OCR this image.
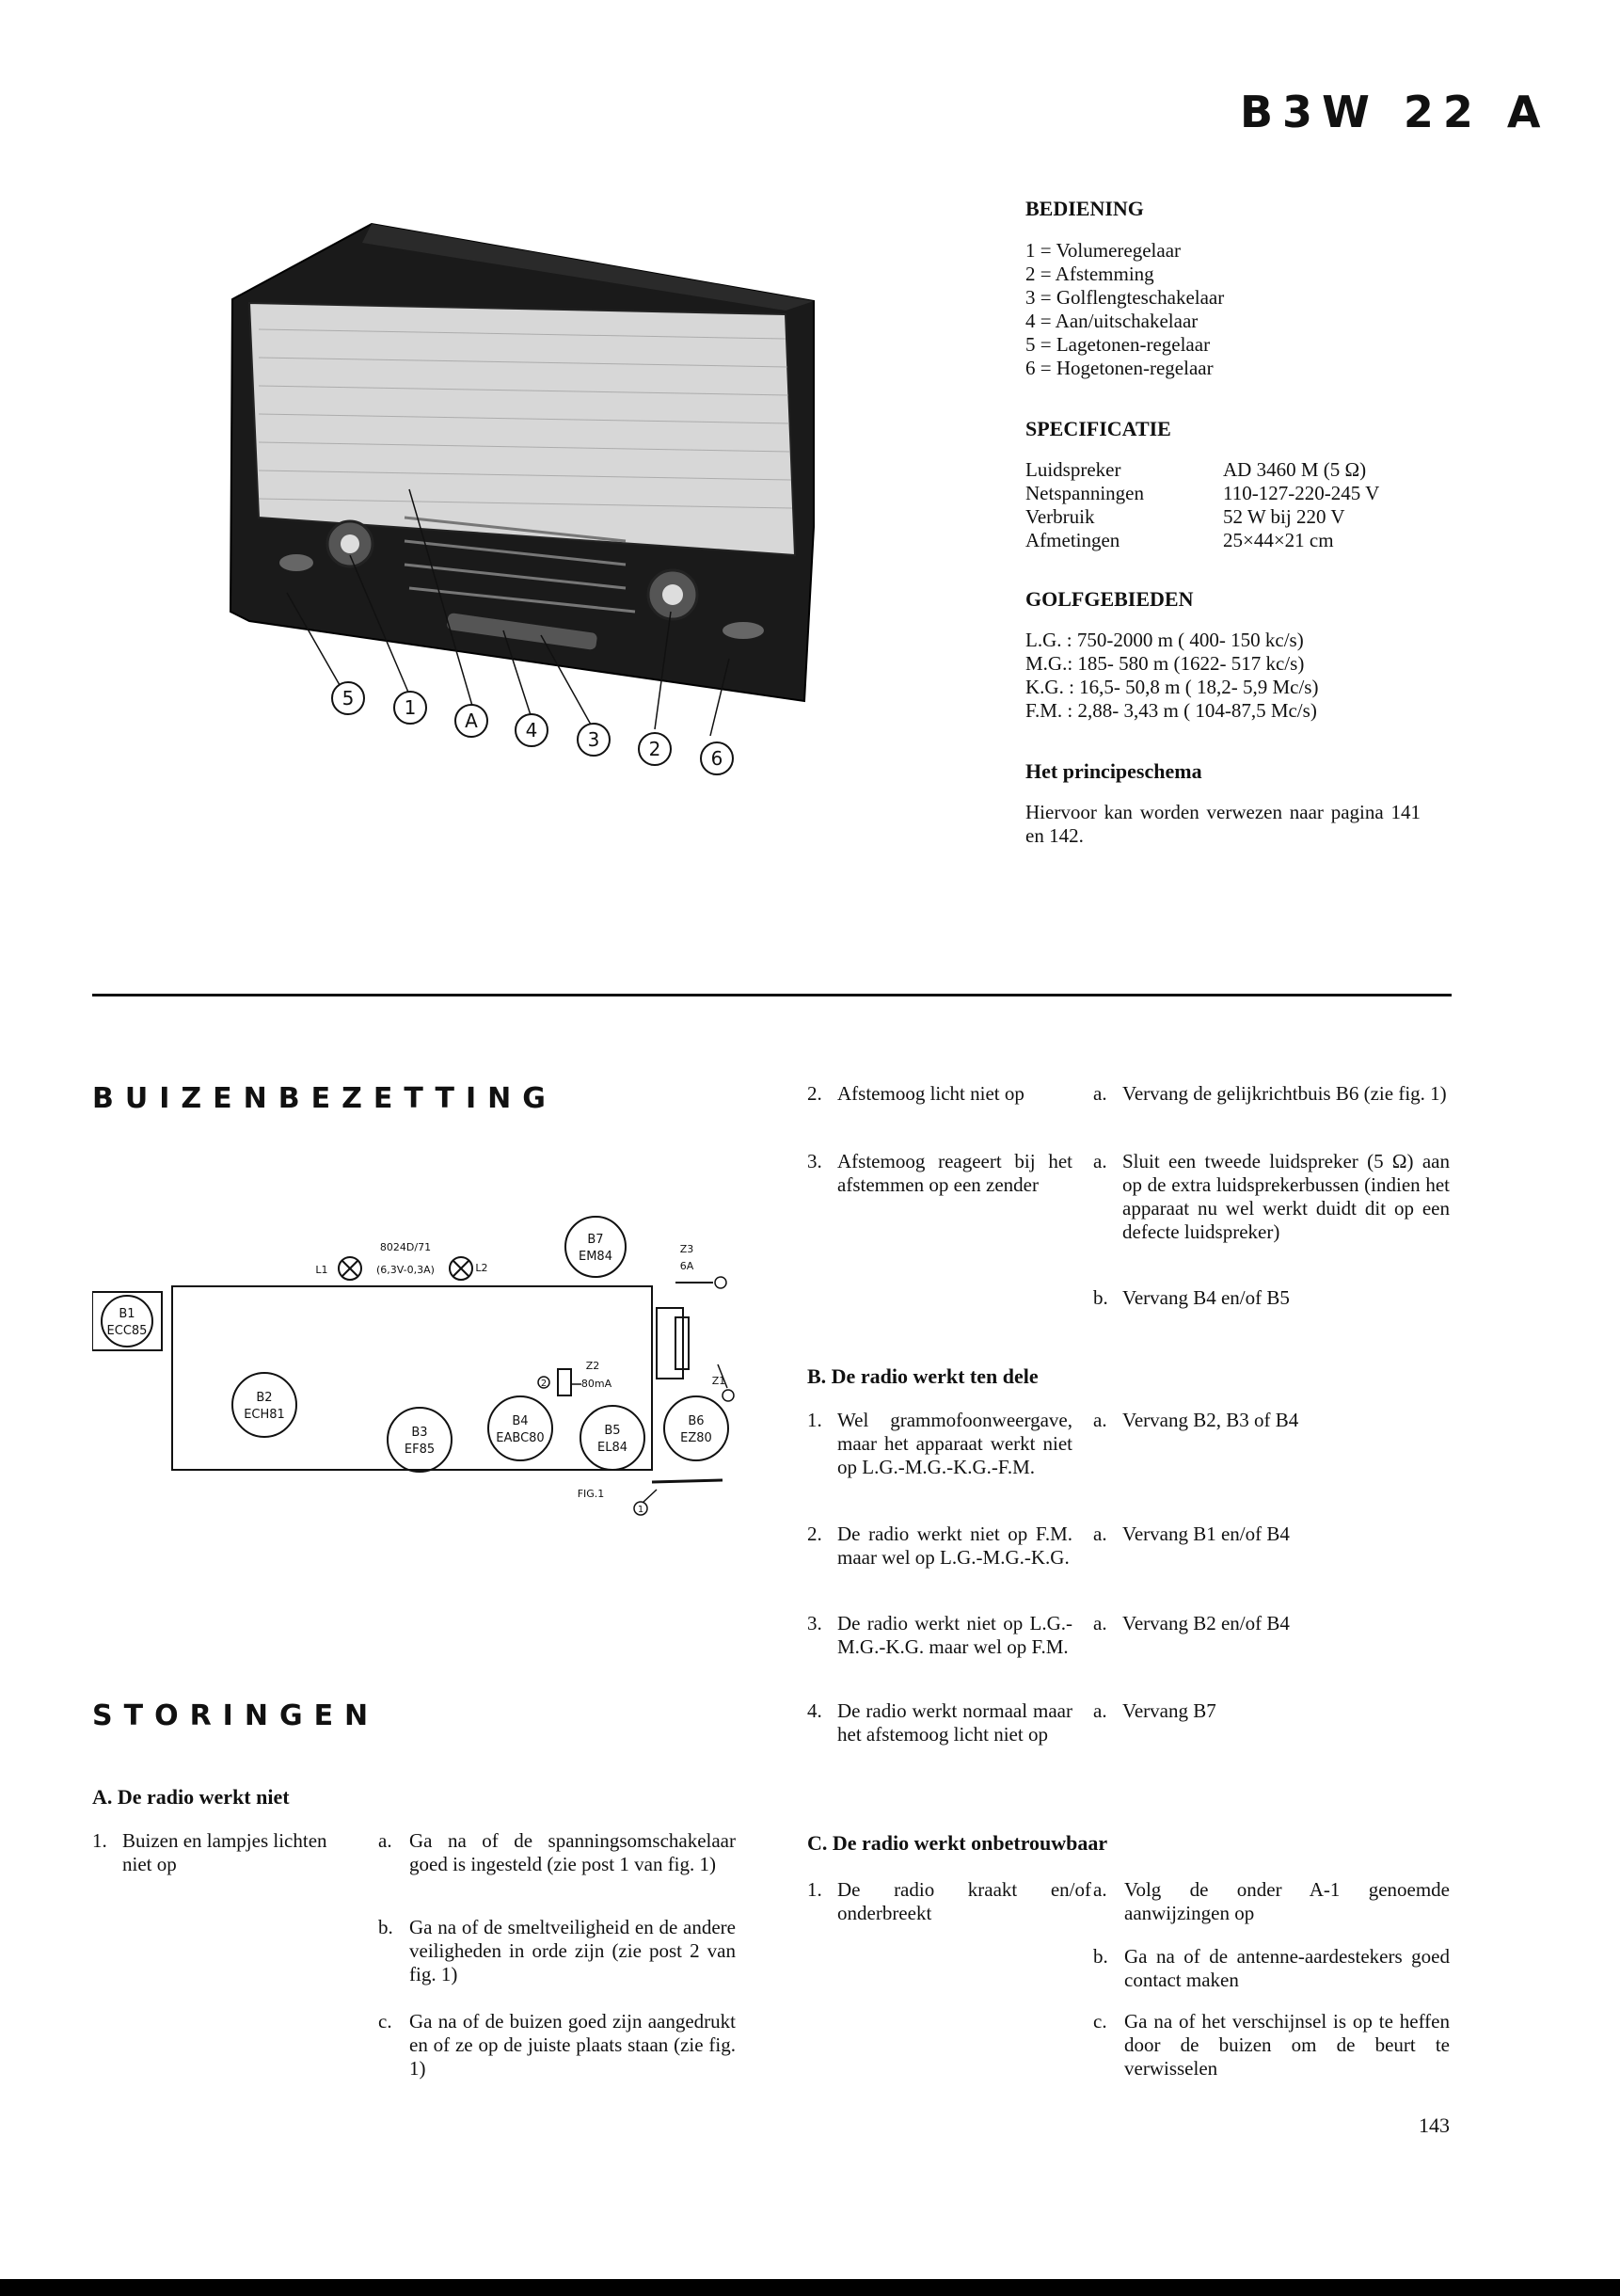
B3W 22 A
5	1
A	4	3	2	6
BEDIENING
1 = Volumeregelaar
2 = Afstemming
3 = Golflengteschakelaar
4 = Aan/uitschakelaar
5 = Lagetonen-regelaar
6 = Hogetonen-regelaar
SPECIFICATIE
Luidspreker	AD 3460 M (5 Ω)
Netspanningen	110-127-220-245 V
Verbruik	52 W bij 220 V
Afmetingen	25×44×21 cm
GOLFGEBIEDEN
L.G. : 750-2000 m ( 400- 150 kc/s)
M.G.: 185- 580 m (1622- 517 kc/s)
K.G. : 16,5- 50,8 m ( 18,2- 5,9 Mc/s)
F.M. : 2,88- 3,43 m ( 104-87,5 Mc/s)
Het principeschema
Hiervoor kan worden verwezen naar pagina 141 en 142.
BUIZENBEZETTING
B1
ECC85
B2
ECH81
B3
EF85
B4
EABC80
B5
EL84
B6
EZ80
B7
EM84
8024D/71
(6,3V-0,3A)
L1	L2
Z3
6A
Z2
80mA	Z1
1
2
FIG.1
STORINGEN
A. De radio werkt niet
1. Buizen en lampjes lichten niet op
a. Ga na of de spanningsomschakelaar goed is ingesteld (zie post 1 van fig. 1)
b. Ga na of de smeltveiligheid en de andere veiligheden in orde zijn (zie post 2 van fig. 1)
c. Ga na of de buizen goed zijn aangedrukt en of ze op de juiste plaats staan (zie fig. 1)
2. Afstemoog licht niet op	a. Vervang de gelijkrichtbuis B6 (zie fig. 1)
3. Afstemoog reageert bij het afstemmen op een zender
a. Sluit een tweede luidspreker (5 Ω) aan op de extra luidsprekerbussen (indien het apparaat nu wel werkt duidt dit op een defecte luidspreker)
b. Vervang B4 en/of B5
B. De radio werkt ten dele
1. Wel grammofoonweergave, maar het apparaat werkt niet op L.G.-M.G.-K.G.-F.M.
a. Vervang B2, B3 of B4
2. De radio werkt niet op F.M. maar wel op L.G.-M.G.-K.G.
a. Vervang B1 en/of B4
3. De radio werkt niet op L.G.-M.G.-K.G. maar wel op F.M.
a. Vervang B2 en/of B4
4. De radio werkt normaal maar het afstemoog licht niet op
a. Vervang B7
C. De radio werkt onbetrouwbaar
1. De radio kraakt en/of onderbreekt
a. Volg de onder A-1 genoemde aanwijzingen op
b. Ga na of de antenne-aardestekers goed contact maken
c. Ga na of het verschijnsel is op te heffen door de buizen om de beurt te verwisselen
143
